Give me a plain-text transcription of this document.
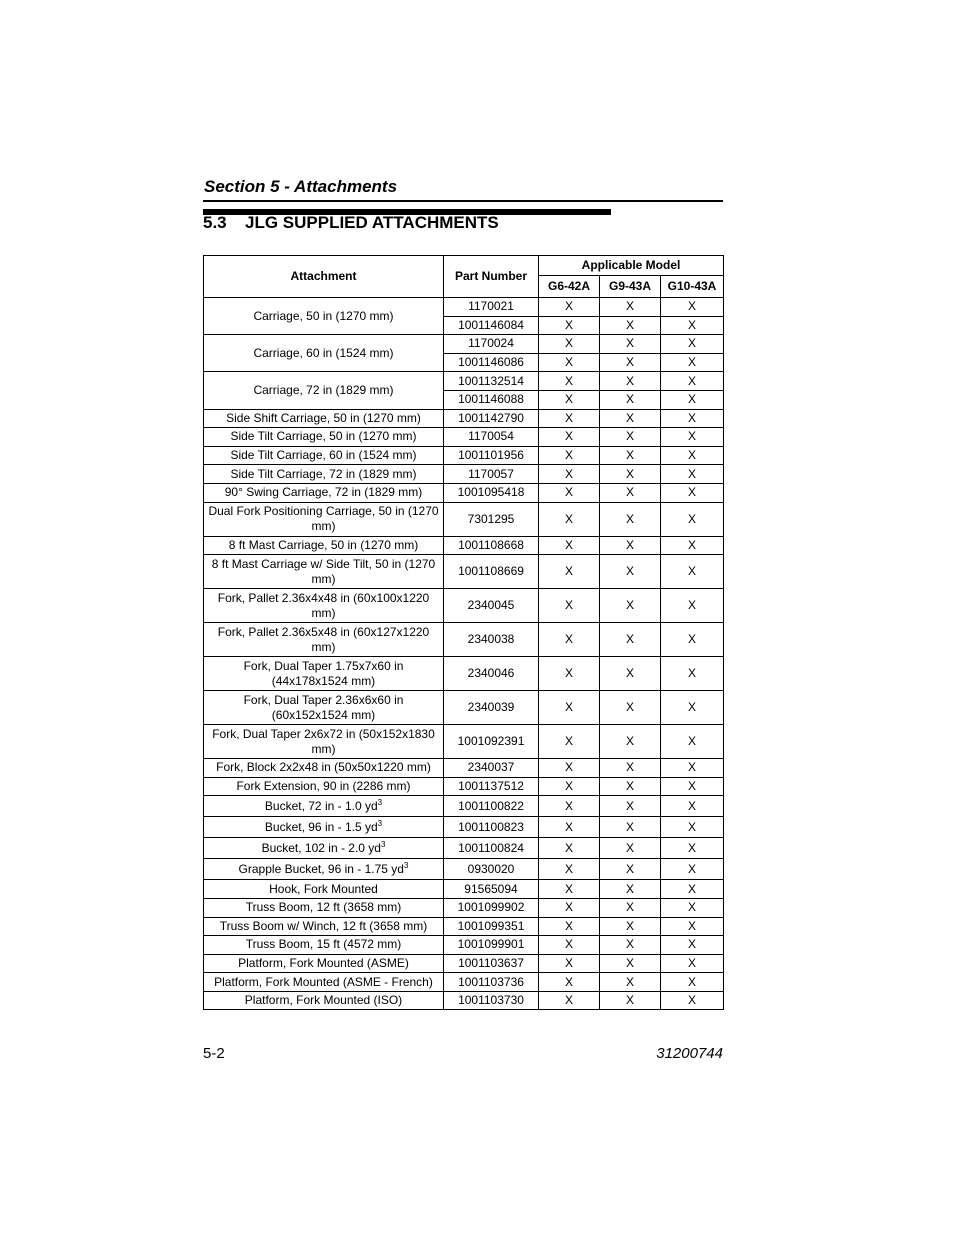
Section 5 - Attachments
5.3 JLG SUPPLIED ATTACHMENTS
Attachment	Part Number	Applicable Model		
		G6-42A	G9-43A	G10-43A
Carriage, 50 in (1270 mm)	1170021	X	X	X
	1001146084	X	X	X
Carriage, 60 in (1524 mm)	1170024	X	X	X
	1001146086	X	X	X
Carriage, 72 in (1829 mm)	1001132514	X	X	X
	1001146088	X	X	X
Side Shift Carriage, 50 in (1270 mm)	1001142790	X	X	X
Side Tilt Carriage, 50 in (1270 mm)	1170054	X	X	X
Side Tilt Carriage, 60 in (1524 mm)	1001101956	X	X	X
Side Tilt Carriage, 72 in (1829 mm)	1170057	X	X	X
90° Swing Carriage, 72 in (1829 mm)	1001095418	X	X	X
Dual Fork Positioning Carriage, 50 in (1270 mm)	7301295	X	X	X
8 ft Mast Carriage, 50 in (1270 mm)	1001108668	X	X	X
8 ft Mast Carriage w/ Side Tilt, 50 in (1270 mm)	1001108669	X	X	X
Fork, Pallet 2.36x4x48 in (60x100x1220 mm)	2340045	X	X	X
Fork, Pallet 2.36x5x48 in (60x127x1220 mm)	2340038	X	X	X
Fork, Dual Taper 1.75x7x60 in (44x178x1524 mm)	2340046	X	X	X
Fork, Dual Taper 2.36x6x60 in (60x152x1524 mm)	2340039	X	X	X
Fork, Dual Taper 2x6x72 in (50x152x1830 mm)	1001092391	X	X	X
Fork, Block 2x2x48 in (50x50x1220 mm)	2340037	X	X	X
Fork Extension, 90 in (2286 mm)	1001137512	X	X	X
Bucket, 72 in - 1.0 $yd^3$	1001100822	X	X	X
Bucket, 96 in - 1.5 $yd^3$	1001100823	X	X	X
Bucket, 102 in - 2.0 $yd^3$	1001100824	X	X	X
Grapple Bucket, 96 in - 1.75 $yd^3$	0930020	X	X	X
Hook, Fork Mounted	91565094	X	X	X
Truss Boom, 12 ft (3658 mm)	1001099902	X	X	X
Truss Boom w/ Winch, 12 ft (3658 mm)	1001099351	X	X	X
Truss Boom, 15 ft (4572 mm)	1001099901	X	X	X
Platform, Fork Mounted (ASME)	1001103637	X	X	X
Platform, Fork Mounted (ASME - French)	1001103736	X	X	X
Platform, Fork Mounted (ISO)	1001103730	X	X	X
5-2	31200744
